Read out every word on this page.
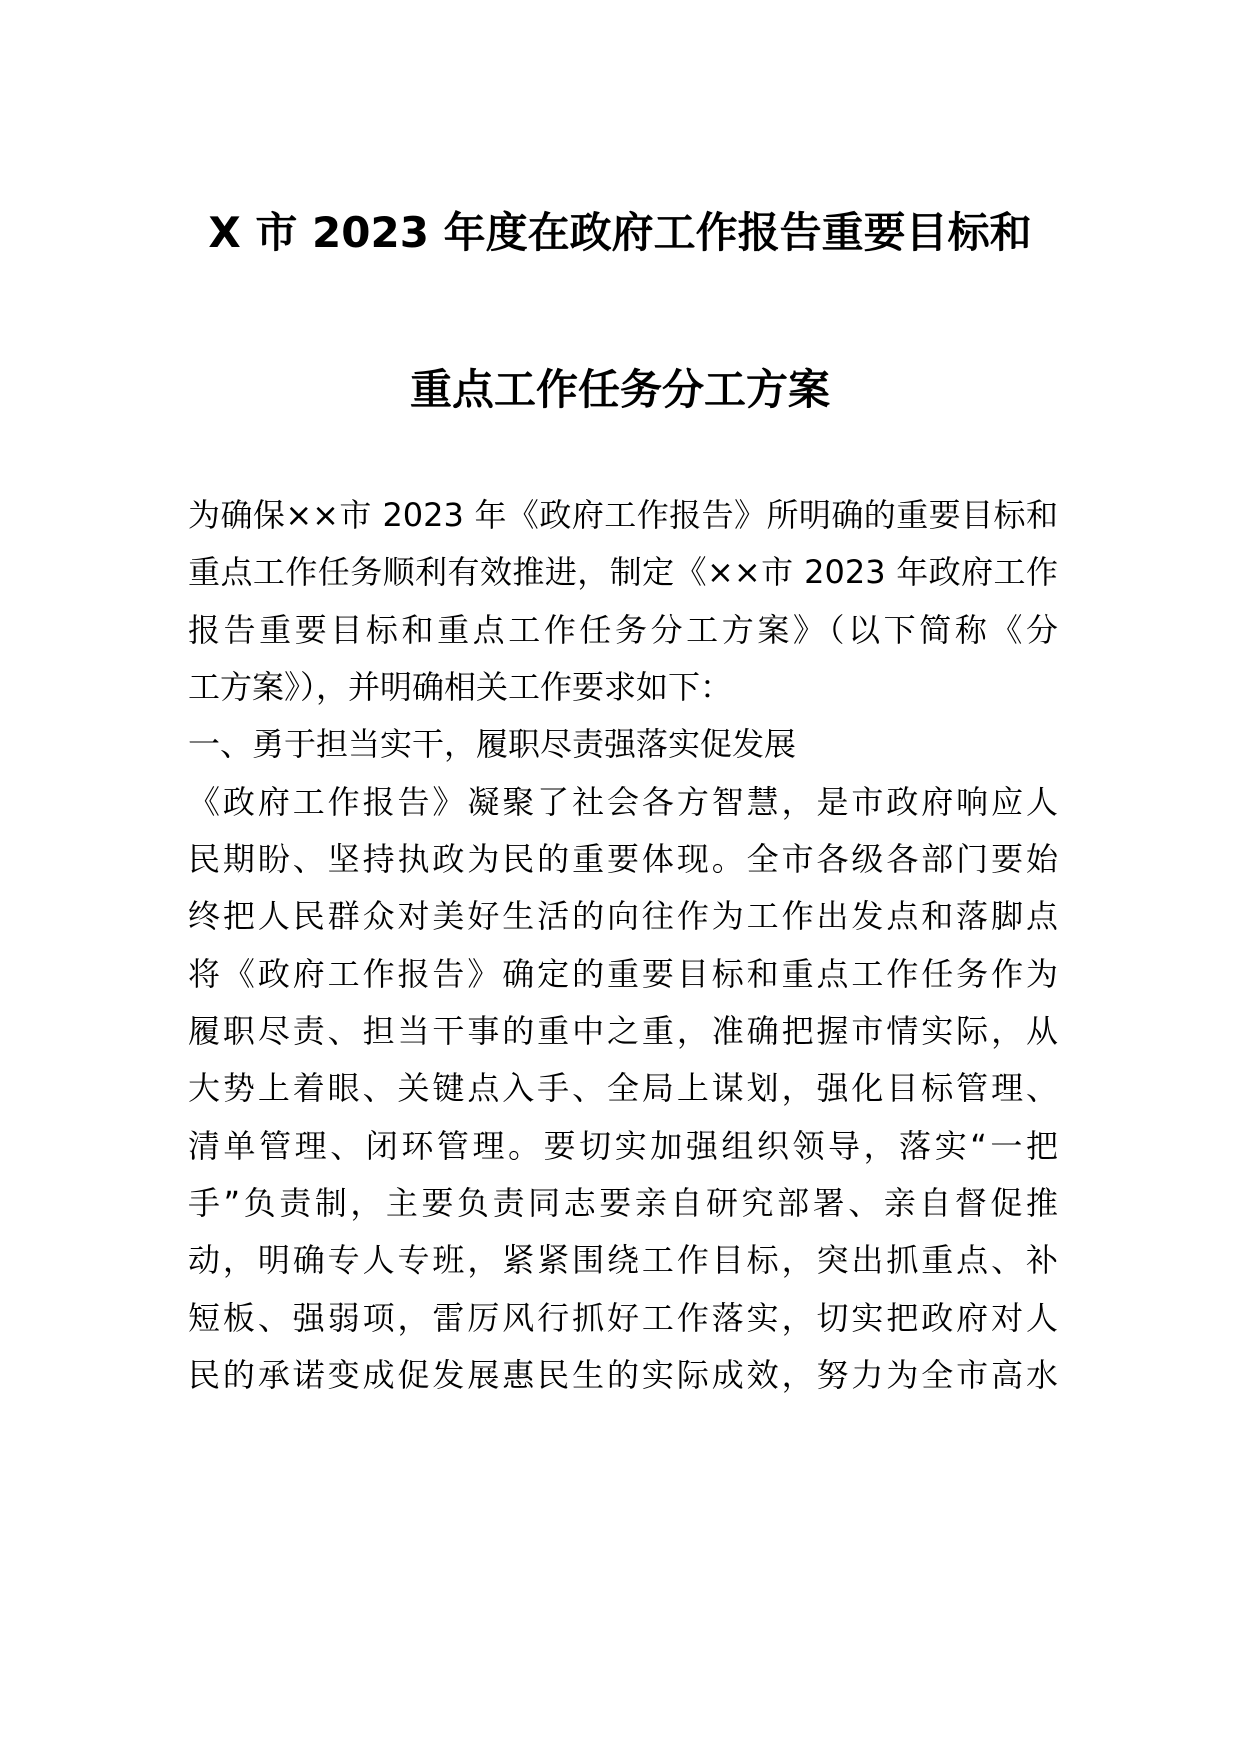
X 市 2023 年度在政府工作报告重要目标和
重点工作任务分工方案
为确保××市 2023 年《政府工作报告》所明确的重要目标和
重点工作任务顺利有效推进，制定《××市 2023 年政府工作
报告重要目标和重点工作任务分工方案》（以下简称《分
工方案》），并明确相关工作要求如下：
一、勇于担当实干，履职尽责强落实促发展
《政府工作报告》凝聚了社会各方智慧，是市政府响应人
民期盼、坚持执政为民的重要体现。全市各级各部门要始
终把人民群众对美好生活的向往作为工作出发点和落脚点
将《政府工作报告》确定的重要目标和重点工作任务作为
履职尽责、担当干事的重中之重，准确把握市情实际，从
大势上着眼、关键点入手、全局上谋划，强化目标管理、
清单管理、闭环管理。要切实加强组织领导，落实“一把
手”负责制，主要负责同志要亲自研究部署、亲自督促推
动，明确专人专班，紧紧围绕工作目标，突出抓重点、补
短板、强弱项，雷厉风行抓好工作落实，切实把政府对人
民的承诺变成促发展惠民生的实际成效，努力为全市高水
